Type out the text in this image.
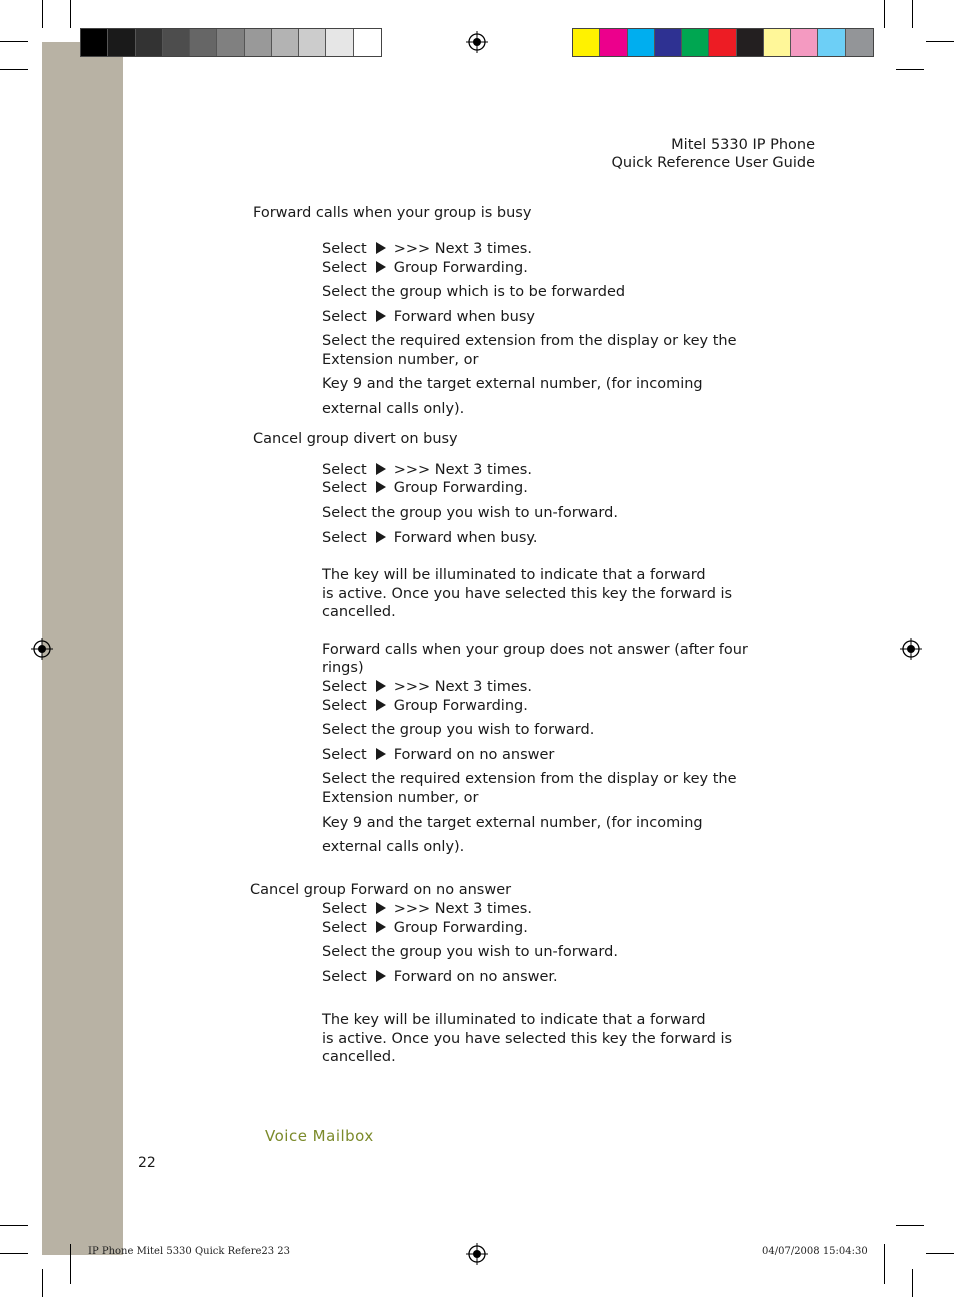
Mitel 5330 IP Phone
Quick Reference User Guide
Forward calls when your group is busy
Select >>> Next 3 times.
Select Group Forwarding.
Select the group which is to be forwarded
Select Forward when busy
Select the required extension from the display or key the
Extension number, or
Key 9 and the target external number, (for incoming
external calls only).
Cancel group divert on busy
Select >>> Next 3 times.
Select Group Forwarding.
Select the group you wish to un-forward.
Select Forward when busy.
The key will be illuminated to indicate that a forward
is active. Once you have selected this key the forward is
cancelled.
Forward calls when your group does not answer (after four
rings)
Select >>> Next 3 times.
Select Group Forwarding.
Select the group you wish to forward.
Select Forward on no answer
Select the required extension from the display or key the
Extension number, or
Key 9 and the target external number, (for incoming
external calls only).
Cancel group Forward on no answer
Select >>> Next 3 times.
Select Group Forwarding.
Select the group you wish to un-forward.
Select Forward on no answer.
The key will be illuminated to indicate that a forward
is active. Once you have selected this key the forward is
cancelled.
Voice Mailbox
22
IP Phone Mitel 5330 Quick Refere23 23	04/07/2008 15:04:30
